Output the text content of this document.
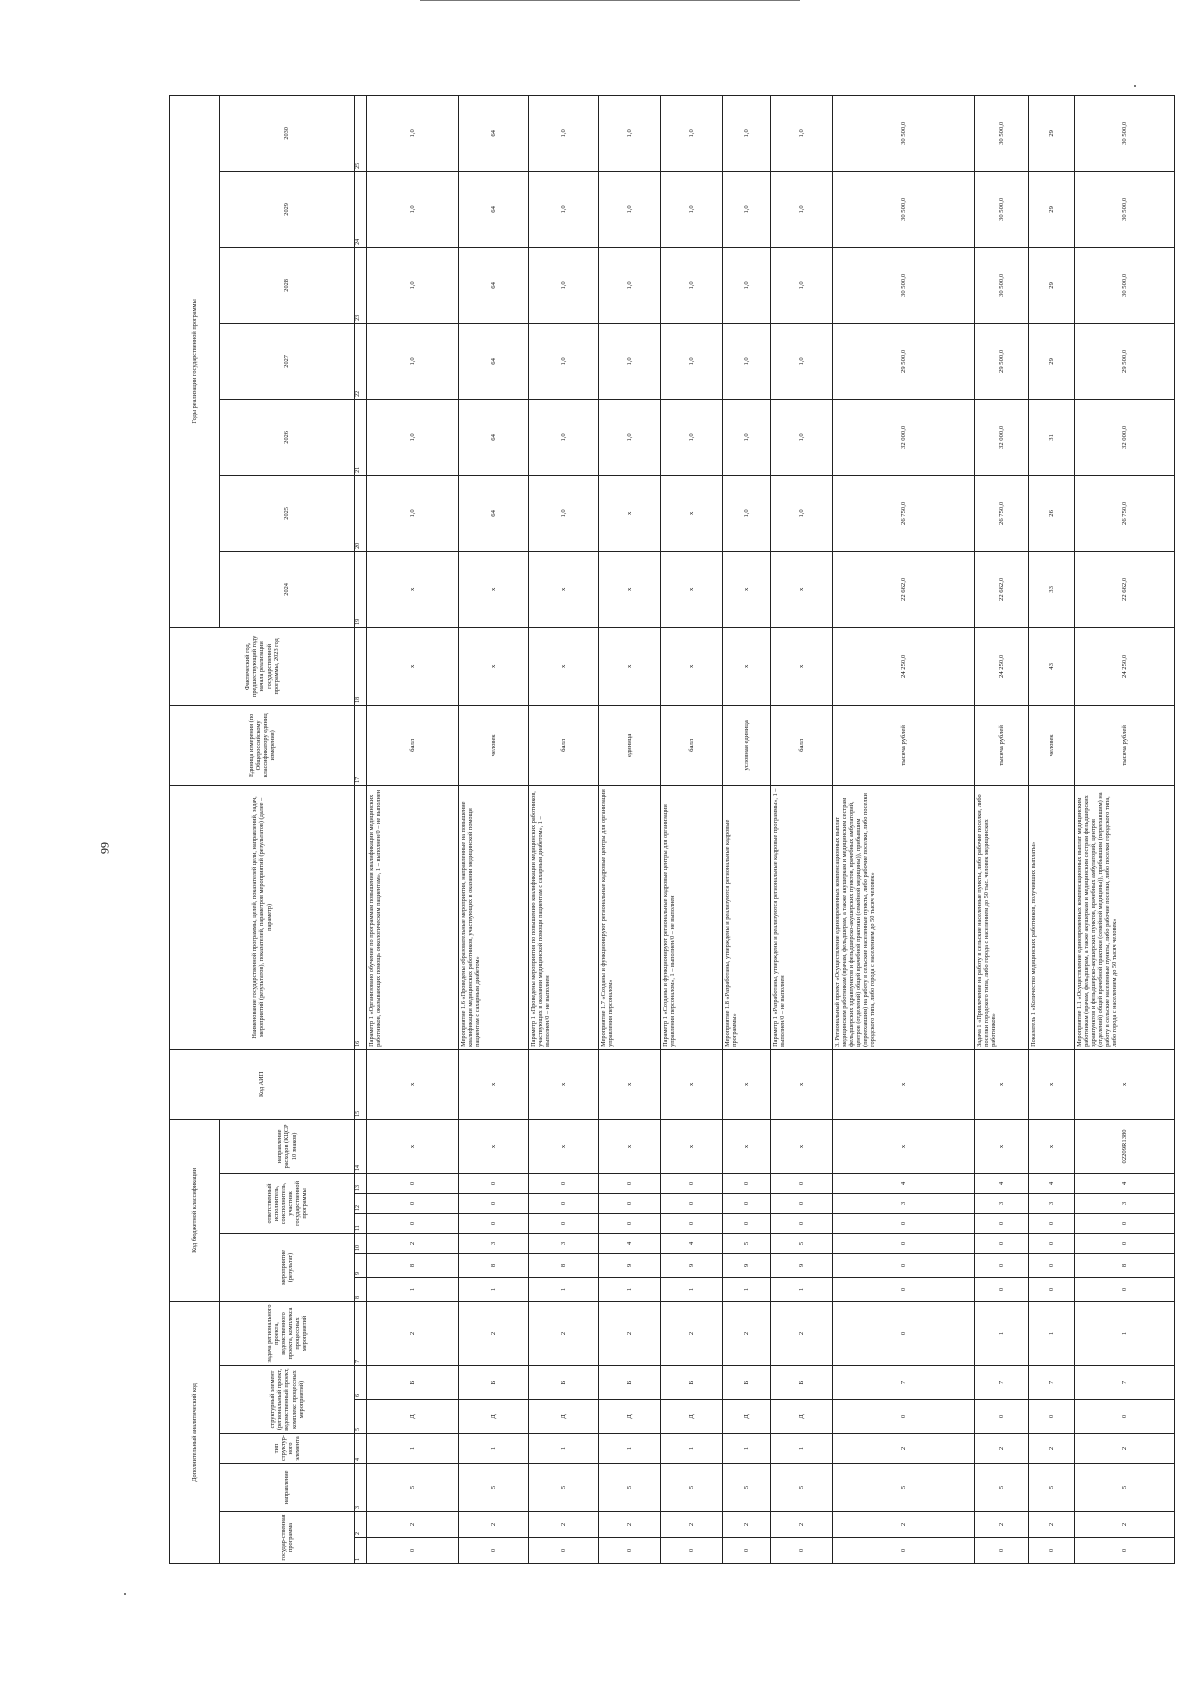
99
Дополнительный аналитический код							Код бюджетной классификации							Код АИП	Наименование государственной программы, целей, показателей цели, направлений, задач, мероприятий (результатов), показателей, параметров мероприятий (результатов) (далее – параметр)	Единица измерения (по Общероссийскому классификатору единиц измерения)	Фактический год, предшествующий году начала реализации государственной программы, 2023 год	Годы реализации государственной программы						
государ-ственная программа		направление	тип структур-ного элемента	структурный элемент (региональный проект, ведомственный проект, комплекс процессных мероприятий)		задача регионального проекта, ведомственного проекта, комплекса процессных мероприятий	мероприятие (результат)			ответственный исполнитель, соисполнитель, участник государственной программы			направление расходов (КЦСР 10 знаков)					2024	2025	2026	2027	2028	2029	2030

1	2	3	4	5	6	7	8	9	10	11	12	13	14	15	16	17	18	19	20	21	22	23	24	25
0	2	5	1	Д	Б	2	1	8	2	0	0	0	х	х	Параметр 1 «Организовано обучение по программам повышения квалификации медицинских работников, оказывающих помощь онкологическим пациентам», 1 – выполнен/0 – не выполнен	балл	х	х	1,0	1,0	1,0	1,0	1,0	1,0
0	2	5	1	Д	Б	2	1	8	3	0	0	0	х	х	Мероприятие 1.6 «Проведены образовательные мероприятия, направленные на повышение квалификации медицинских работников, участвующих в оказании медицинской помощи пациентам с сахарным диабетом»	человек	х	х	64	64	64	64	64	64
0	2	5	1	Д	Б	2	1	8	3	0	0	0	х	х	Параметр 1 «Проведены мероприятия по повышению квалификации медицинских работников, участвующих в оказании медицинской помощи пациентам с сахарным диабетом», 1 – выполнен/0 – не выполнен	балл	х	х	1,0	1,0	1,0	1,0	1,0	1,0
0	2	5	1	Д	Б	2	1	9	4	0	0	0	х	х	Мероприятие 1.7 «Созданы и функционируют региональные кадровые центры для организации управления персоналом»	единица	х	х	х	1,0	1,0	1,0	1,0	1,0
0	2	5	1	Д	Б	2	1	9	4	0	0	0	х	х	Параметр 1 «Созданы и функционируют региональные кадровые центры для организации управления персоналом», 1 – выполнен/0 – не выполнен	балл	х	х	х	1,0	1,0	1,0	1,0	1,0
0	2	5	1	Д	Б	2	1	9	5	0	0	0	х	х	Мероприятие 1.8 «Разработаны, утверждены и реализуются региональные кадровые программы»	условная единица	х	х	1,0	1,0	1,0	1,0	1,0	1,0
0	2	5	1	Д	Б	2	1	9	5	0	0	0	х	х	Параметр 1 «Разработаны, утверждены и реализуются региональные кадровые программы», 1 – выполнен/0 – не выполнен	балл	х	х	1,0	1,0	1,0	1,0	1,0	1,0
0	2	5	2	0	7	0	0	0	0	0	3	4	х	х	3. Региональный проект «Осуществление единовременных компенсационных выплат медицинским работникам (врачам, фельдшерам, а также акушеркам и медицинским сестрам фельдшерских здравпунктов и фельдшерско-акушерских пунктов, врачебных амбулаторий, центров (отделений) общей врачебной практики (семейной медицины)), прибывшим (переехавшим) на работу в сельские населенные пункты, либо рабочие поселки, либо поселки городского типа, либо города с населением до 50 тысяч человек»	тысяча рублей	24 250,0	22 662,0	26 750,0	32 000,0	29 500,0	30 500,0	30 500,0	30 500,0
0	2	5	2	0	7	1	0	0	0	0	3	4	х	х	Задача 1 «Привлечение на работу в сельские населенные пункты, либо рабочие поселки, либо поселки городского типа, либо города с населением до 50 тыс. человек медицинских работников»	тысяча рублей	24 250,0	22 662,0	26 750,0	32 000,0	29 500,0	30 500,0	30 500,0	30 500,0
0	2	5	2	0	7	1	0	0	0	0	3	4	х	х	Показатель 1 «Количество медицинских работников, получивших выплаты»	человек	43	33	26	31	29	29	29	29
0	2	5	2	0	7	1	0	8	0	0	3	4	02209R1380	х	Мероприятие 1.1 «Осуществление единовременных компенсационных выплат медицинским работникам (врачам, фельдшерам, а также акушеркам и медицинским сестрам фельдшерских здравпунктов и фельдшерско-акушерских пунктов, врачебных амбулаторий, центров (отделений) общей врачебной практики (семейной медицины)), прибывшим (переехавшим) на работу в сельские населенные пункты, либо рабочие поселки, либо поселки городского типа, либо города с населением до 50 тысяч человек»	тысяча рублей	24 250,0	22 662,0	26 750,0	32 000,0	29 500,0	30 500,0	30 500,0	30 500,0
